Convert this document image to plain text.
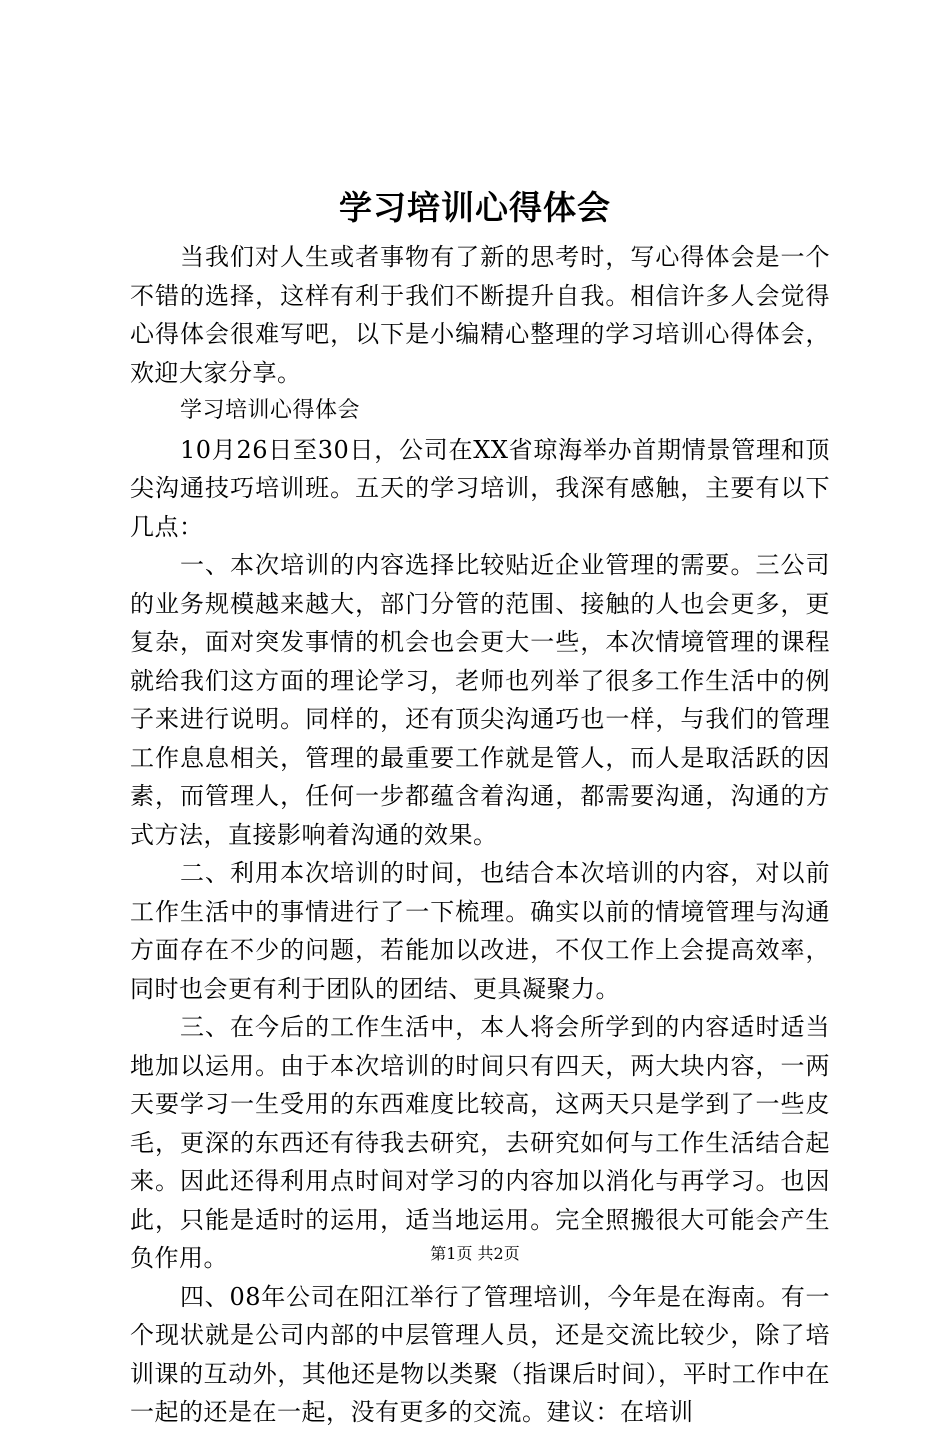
学习培训心得体会

当我们对人生或者事物有了新的思考时，写心得体会是一个不错的选择，这样有利于我们不断提升自我。相信许多人会觉得心得体会很难写吧，以下是小编精心整理的学习培训心得体会，欢迎大家分享。

学习培训心得体会

10月26日至30日，公司在XX省琼海举办首期情景管理和顶尖沟通技巧培训班。五天的学习培训，我深有感触，主要有以下几点：

一、本次培训的内容选择比较贴近企业管理的需要。三公司的业务规模越来越大，部门分管的范围、接触的人也会更多，更复杂，面对突发事情的机会也会更大一些，本次情境管理的课程就给我们这方面的理论学习，老师也列举了很多工作生活中的例子来进行说明。同样的，还有顶尖沟通巧也一样，与我们的管理工作息息相关，管理的最重要工作就是管人，而人是取活跃的因素，而管理人，任何一步都蕴含着沟通，都需要沟通，沟通的方式方法，直接影响着沟通的效果。

二、利用本次培训的时间，也结合本次培训的内容，对以前工作生活中的事情进行了一下梳理。确实以前的情境管理与沟通方面存在不少的问题，若能加以改进，不仅工作上会提高效率，同时也会更有利于团队的团结、更具凝聚力。

三、在今后的工作生活中，本人将会所学到的内容适时适当地加以运用。由于本次培训的时间只有四天，两大块内容，一两天要学习一生受用的东西难度比较高，这两天只是学到了一些皮毛，更深的东西还有待我去研究，去研究如何与工作生活结合起来。因此还得利用点时间对学习的内容加以消化与再学习。也因此，只能是适时的运用，适当地运用。完全照搬很大可能会产生负作用。

四、08年公司在阳江举行了管理培训，今年是在海南。有一个现状就是公司内部的中层管理人员，还是交流比较少，除了培训课的互动外，其他还是物以类聚（指课后时间），平时工作中在一起的还是在一起，没有更多的交流。建议：在培训

第1页 共2页
